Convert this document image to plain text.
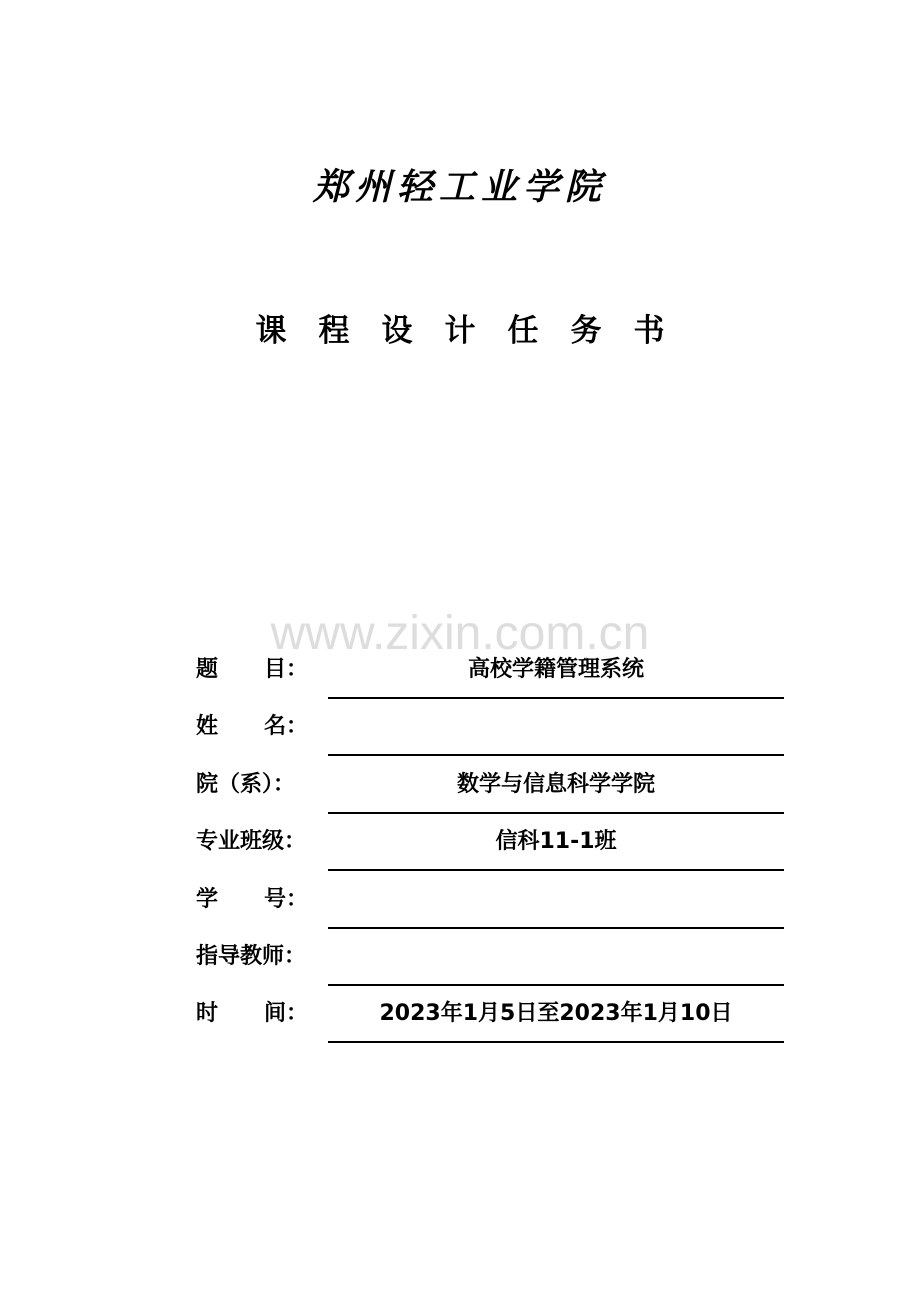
郑州轻工业学院
课程设计任务书
www.zixin.com.cn
题      目：	高校学籍管理系统
姓      名：
院（系）：	数学与信息科学学院
专业班级：	信科11-1班
学      号：
指导教师：
时      间：	2023年1月5日至2023年1月10日
